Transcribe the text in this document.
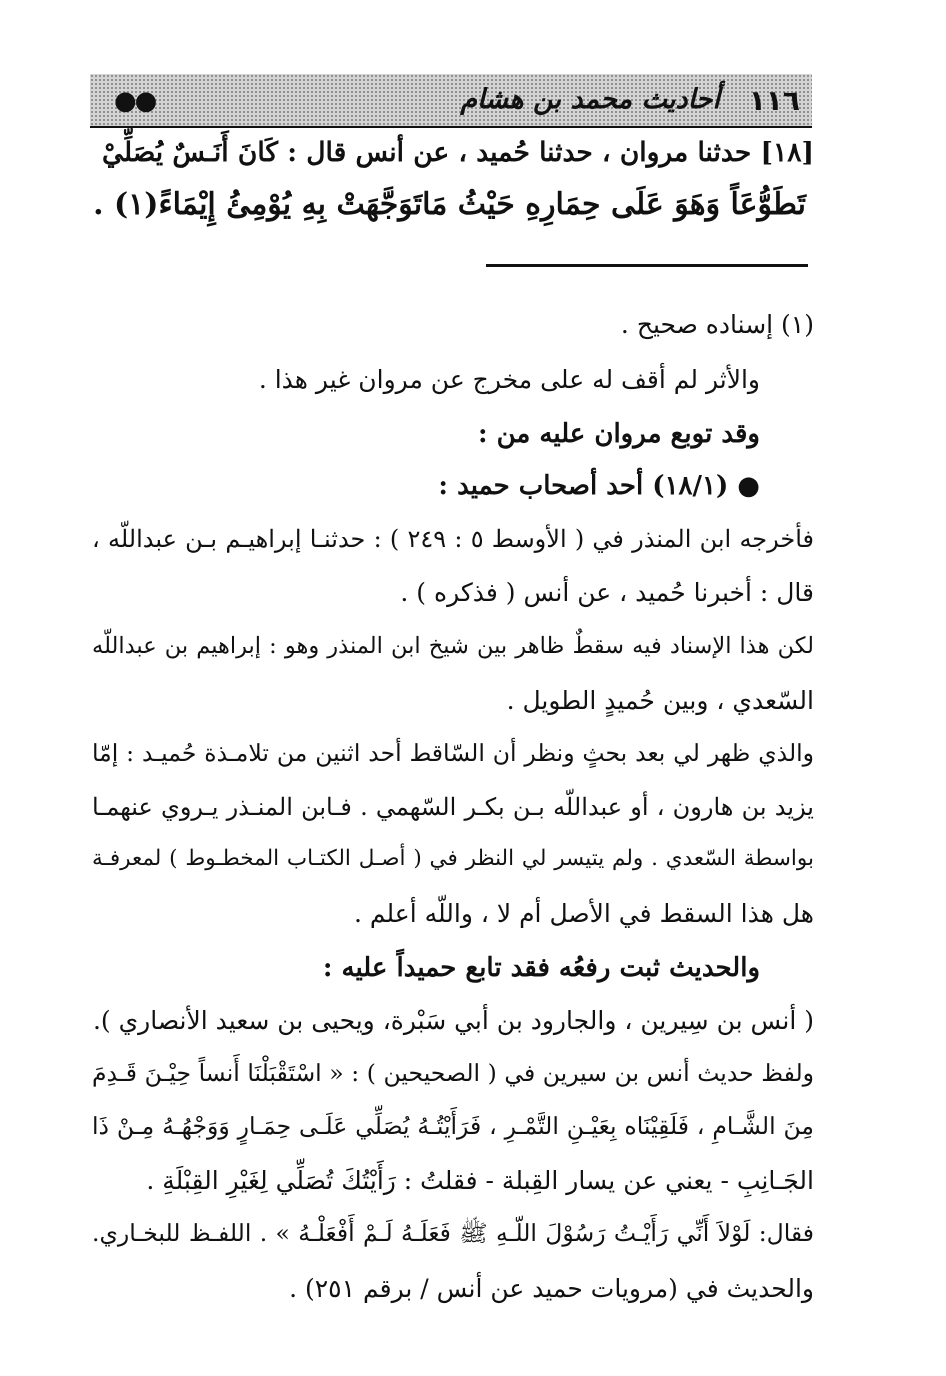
١١٦
أحاديث محمد بن هشام
●●
[١٨] حدثنا مروان ، حدثنا حُميد ، عن أنس قال : كَانَ أَنَـسٌ يُصَلِّيْ
تَطَوُّعَاً وَهَوَ عَلَى حِمَارِهِ حَيْثُ مَاتَوَجَّهَتْ بِهِ يُوْمِئُ إِيْمَاءً(١) .
(١) إسناده صحيح .
والأثر لم أقف له على مخرج عن مروان غير هذا .
وقد توبع مروان عليه من :
● (١٨/١) أحد أصحاب حميد :
فأخرجه ابن المنذر في ( الأوسط ٥ : ٢٤٩ ) : حدثنـا إبراهيـم بـن عبداللّه ،
قال : أخبرنا حُميد ، عن أنس ( فذكره ) .
لكن هذا الإسناد فيه سقطٌ ظاهر بين شيخ ابن المنذر وهو : إبراهيم بن عبداللّه
السّعدي ، وبين حُميدٍ الطويل .
والذي ظهر لي بعد بحثٍ ونظر أن السّاقط أحد اثنين من تلامـذة حُميـد : إمّا
يزيد بن هارون ، أو عبداللّه بـن بكـر السّهمي . فـابن المنـذر يـروي عنهمـا
بواسطة السّعدي . ولم يتيسر لي النظر في ( أصـل الكتـاب المخطـوط ) لمعرفـة
هل هذا السقط في الأصل أم لا ، واللّه أعلم .
والحديث ثبت رفعُه فقد تابع حميداً عليه :
( أنس بن سِيرين ، والجارود بن أبي سَبْرة، ويحيى بن سعيد الأنصاري ).
ولفظ حديث أنس بن سيرين في ( الصحيحين ) : « اسْتَقْبَلْنَا أَنساً حِيْـنَ قَـدِمَ
مِنَ الشَّـامِ ، فَلَقِيْنَاه بِعَيْـنِ التَّمْـرِ ، فَرَأَيْتُـهُ يُصَلِّي عَلَـى حِمَـارٍ وَوَجْهُـهُ مِـنْ ذَا
الجَـانِبِ - يعني عن يسار القِبلة - فقلتُ : رَأَيْتُكَ تُصَلِّي لِغَيْرِ القِبْلَةِ .
فقال: لَوْلاَ أَنِّي رَأَيْـتُ رَسُوْلَ اللّـهِ ﷺ فَعَلَـهُ لَـمْ أَفْعَلْـهُ » . اللفـظ للبخـاري.
والحديث في (مرويات حميد عن أنس / برقم ٢٥١) .
